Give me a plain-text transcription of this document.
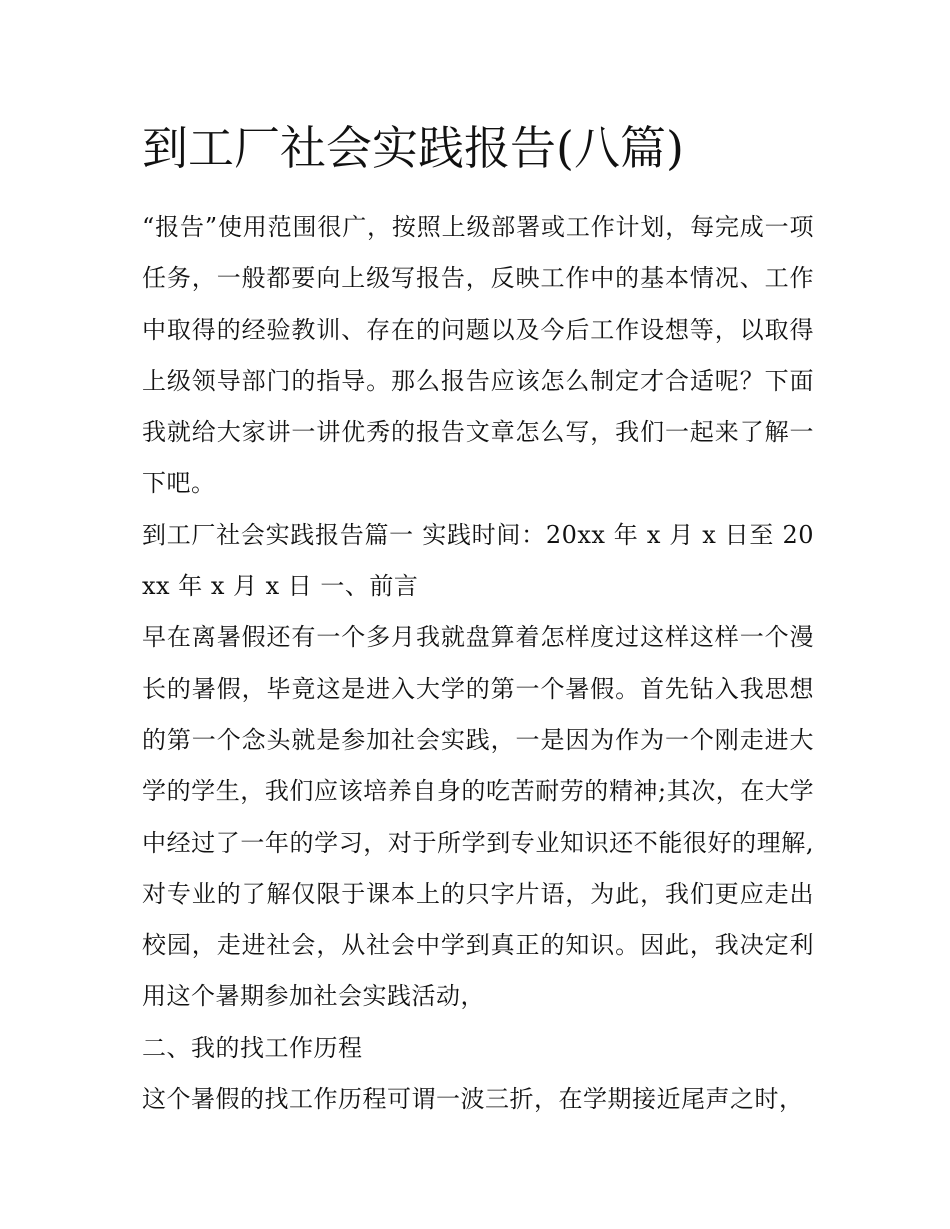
到工厂社会实践报告(八篇)

“报告”使用范围很广，按照上级部署或工作计划，每完成一项任务，一般都要向上级写报告，反映工作中的基本情况、工作中取得的经验教训、存在的问题以及今后工作设想等，以取得上级领导部门的指导。那么报告应该怎么制定才合适呢？下面我就给大家讲一讲优秀的报告文章怎么写，我们一起来了解一下吧。

到工厂社会实践报告篇一 实践时间：20xx 年 x 月 x 日至 20xx 年 x 月 x 日 一、前言

早在离暑假还有一个多月我就盘算着怎样度过这样这样一个漫长的暑假，毕竟这是进入大学的第一个暑假。首先钻入我思想的第一个念头就是参加社会实践，一是因为作为一个刚走进大学的学生，我们应该培养自身的吃苦耐劳的精神;其次，在大学中经过了一年的学习，对于所学到专业知识还不能很好的理解,对专业的了解仅限于课本上的只字片语，为此，我们更应走出校园，走进社会，从社会中学到真正的知识。因此，我决定利用这个暑期参加社会实践活动，

二、我的找工作历程

这个暑假的找工作历程可谓一波三折，在学期接近尾声之时，
